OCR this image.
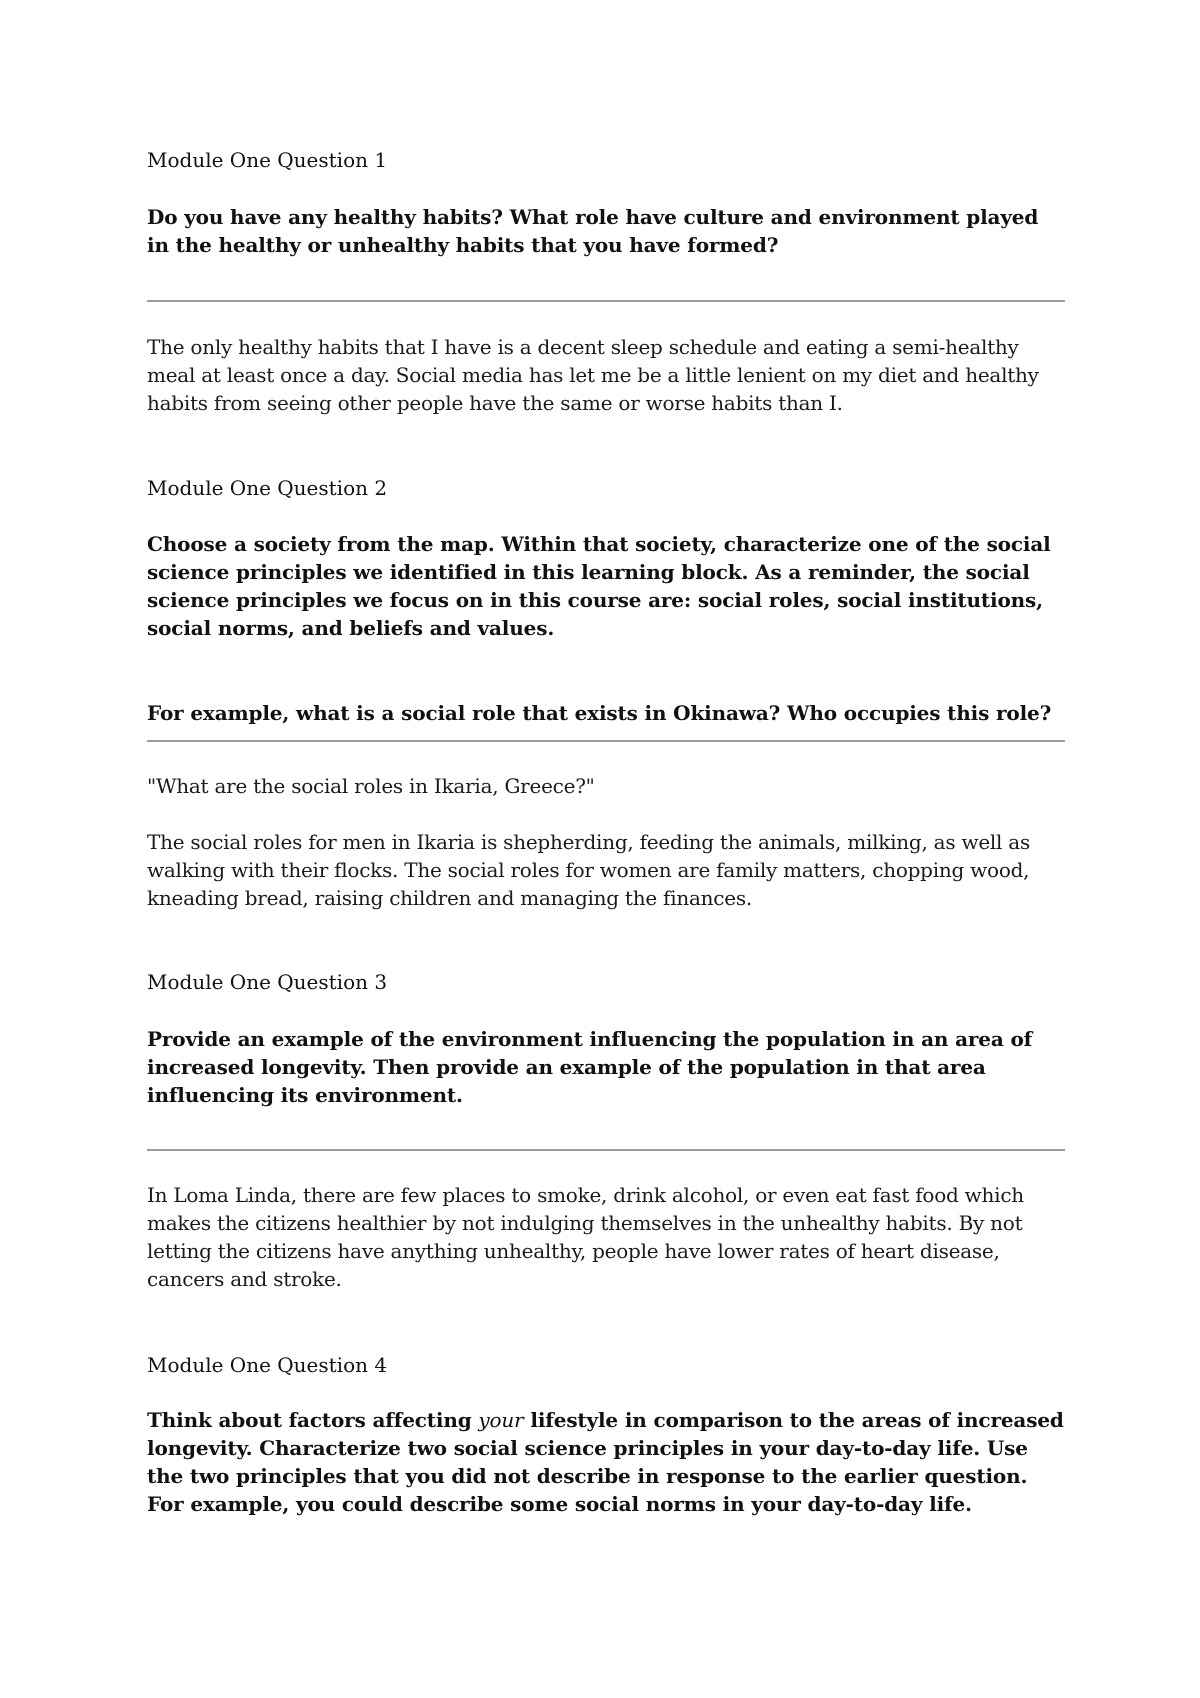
Module One Question 1
Do you have any healthy habits? What role have culture and environment played in the healthy or unhealthy habits that you have formed?
The only healthy habits that I have is a decent sleep schedule and eating a semi-healthy meal at least once a day. Social media has let me be a little lenient on my diet and healthy habits from seeing other people have the same or worse habits than I.
Module One Question 2
Choose a society from the map. Within that society, characterize one of the social science principles we identified in this learning block. As a reminder, the social science principles we focus on in this course are: social roles, social institutions, social norms, and beliefs and values.
For example, what is a social role that exists in Okinawa? Who occupies this role?
"What are the social roles in Ikaria, Greece?"
The social roles for men in Ikaria is shepherding, feeding the animals, milking, as well as walking with their flocks. The social roles for women are family matters, chopping wood, kneading bread, raising children and managing the finances.
Module One Question 3
Provide an example of the environment influencing the population in an area of increased longevity. Then provide an example of the population in that area influencing its environment.
In Loma Linda, there are few places to smoke, drink alcohol, or even eat fast food which makes the citizens healthier by not indulging themselves in the unhealthy habits. By not letting the citizens have anything unhealthy, people have lower rates of heart disease, cancers and stroke.
Module One Question 4
Think about factors affecting your lifestyle in comparison to the areas of increased longevity. Characterize two social science principles in your day-to-day life. Use the two principles that you did not describe in response to the earlier question. For example, you could describe some social norms in your day-to-day life.
